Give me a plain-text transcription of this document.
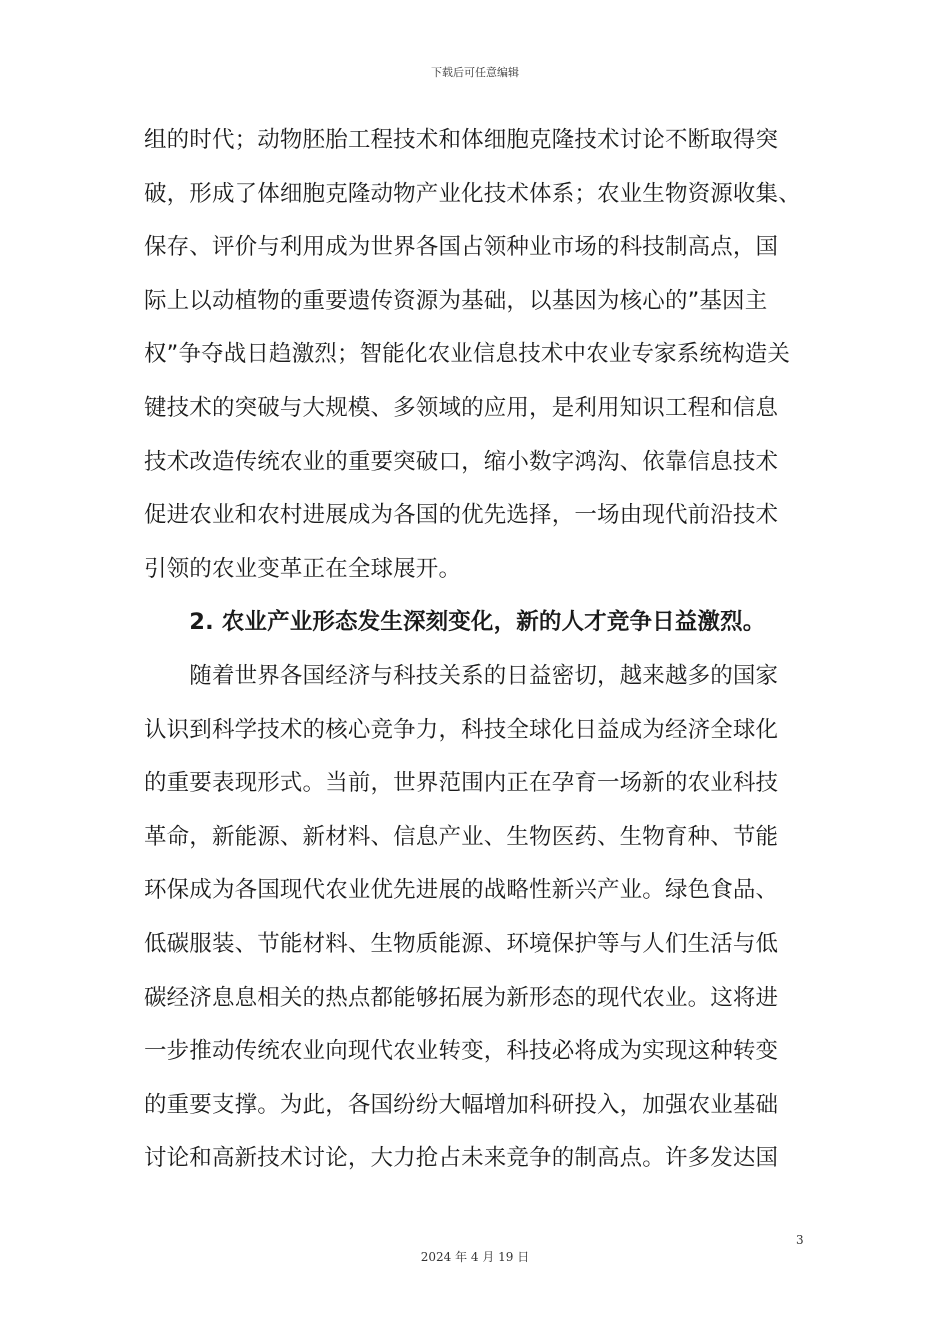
下载后可任意编辑
组的时代；动物胚胎工程技术和体细胞克隆技术讨论不断取得突
破，形成了体细胞克隆动物产业化技术体系；农业生物资源收集、
保存、评价与利用成为世界各国占领种业市场的科技制高点，国
际上以动植物的重要遗传资源为基础，以基因为核心的”基因主
权”争夺战日趋激烈；智能化农业信息技术中农业专家系统构造关
键技术的突破与大规模、多领域的应用，是利用知识工程和信息
技术改造传统农业的重要突破口，缩小数字鸿沟、依靠信息技术
促进农业和农村进展成为各国的优先选择，一场由现代前沿技术
引领的农业变革正在全球展开。
　　2. 农业产业形态发生深刻变化，新的人才竞争日益激烈。
　　随着世界各国经济与科技关系的日益密切，越来越多的国家
认识到科学技术的核心竞争力，科技全球化日益成为经济全球化
的重要表现形式。当前，世界范围内正在孕育一场新的农业科技
革命，新能源、新材料、信息产业、生物医药、生物育种、节能
环保成为各国现代农业优先进展的战略性新兴产业。绿色食品、
低碳服装、节能材料、生物质能源、环境保护等与人们生活与低
碳经济息息相关的热点都能够拓展为新形态的现代农业。这将进
一步推动传统农业向现代农业转变，科技必将成为实现这种转变
的重要支撑。为此，各国纷纷大幅增加科研投入，加强农业基础
讨论和高新技术讨论，大力抢占未来竞争的制高点。许多发达国
3
2024 年 4 月 19 日
